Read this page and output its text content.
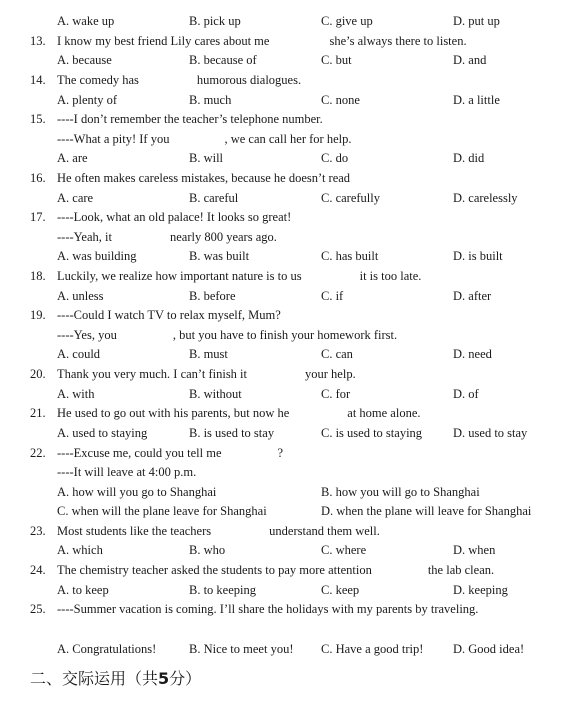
A. wake up	B. pick up	C. give up	D. put up
13. I know my best friend Lily cares about me	she’s always there to listen.
A. because	B. because of	C. but	D. and
14. The comedy has	humorous dialogues.
A. plenty of	B. much	C. none	D. a little
15. ----I don’t remember the teacher’s telephone number.
----What a pity! If you	, we can call her for help.
A. are	B. will	C. do	D. did
16. He often makes careless mistakes, because he doesn’t read
A. care	B. careful	C. carefully	D. carelessly
17. ----Look, what an old palace! It looks so great!
----Yeah, it	nearly 800 years ago.
A. was building	B. was built	C. has built	D. is built
18. Luckily, we realize how important nature is to us	it is too late.
A. unless	B. before	C. if	D. after
19. ----Could I watch TV to relax myself, Mum?
----Yes, you	, but you have to finish your homework first.
A. could	B. must	C. can	D. need
20. Thank you very much. I can’t finish it	your help.
A. with	B. without	C. for	D. of
21. He used to go out with his parents, but now he	at home alone.
A. used to staying	B. is used to stay	C. is used to staying D. used to stay
22. ----Excuse me, could you tell me	?
----It will leave at 4:00 p.m.
A. how will you go to Shanghai	B. how you will go to Shanghai
C. when will the plane leave for Shanghai	D. when the plane will leave for Shanghai
23. Most students like the teachers	understand them well.
A. which	B. who	C. where	D. when
24. The chemistry teacher asked the students to pay more attention	the lab clean.
A. to keep	B. to keeping	C. keep	D. keeping
25. ----Summer vacation is coming. I’ll share the holidays with my parents by traveling.
A. Congratulations!	B. Nice to meet you! C. Have a good trip! D. Good idea!
二、交际运用（共5分）
